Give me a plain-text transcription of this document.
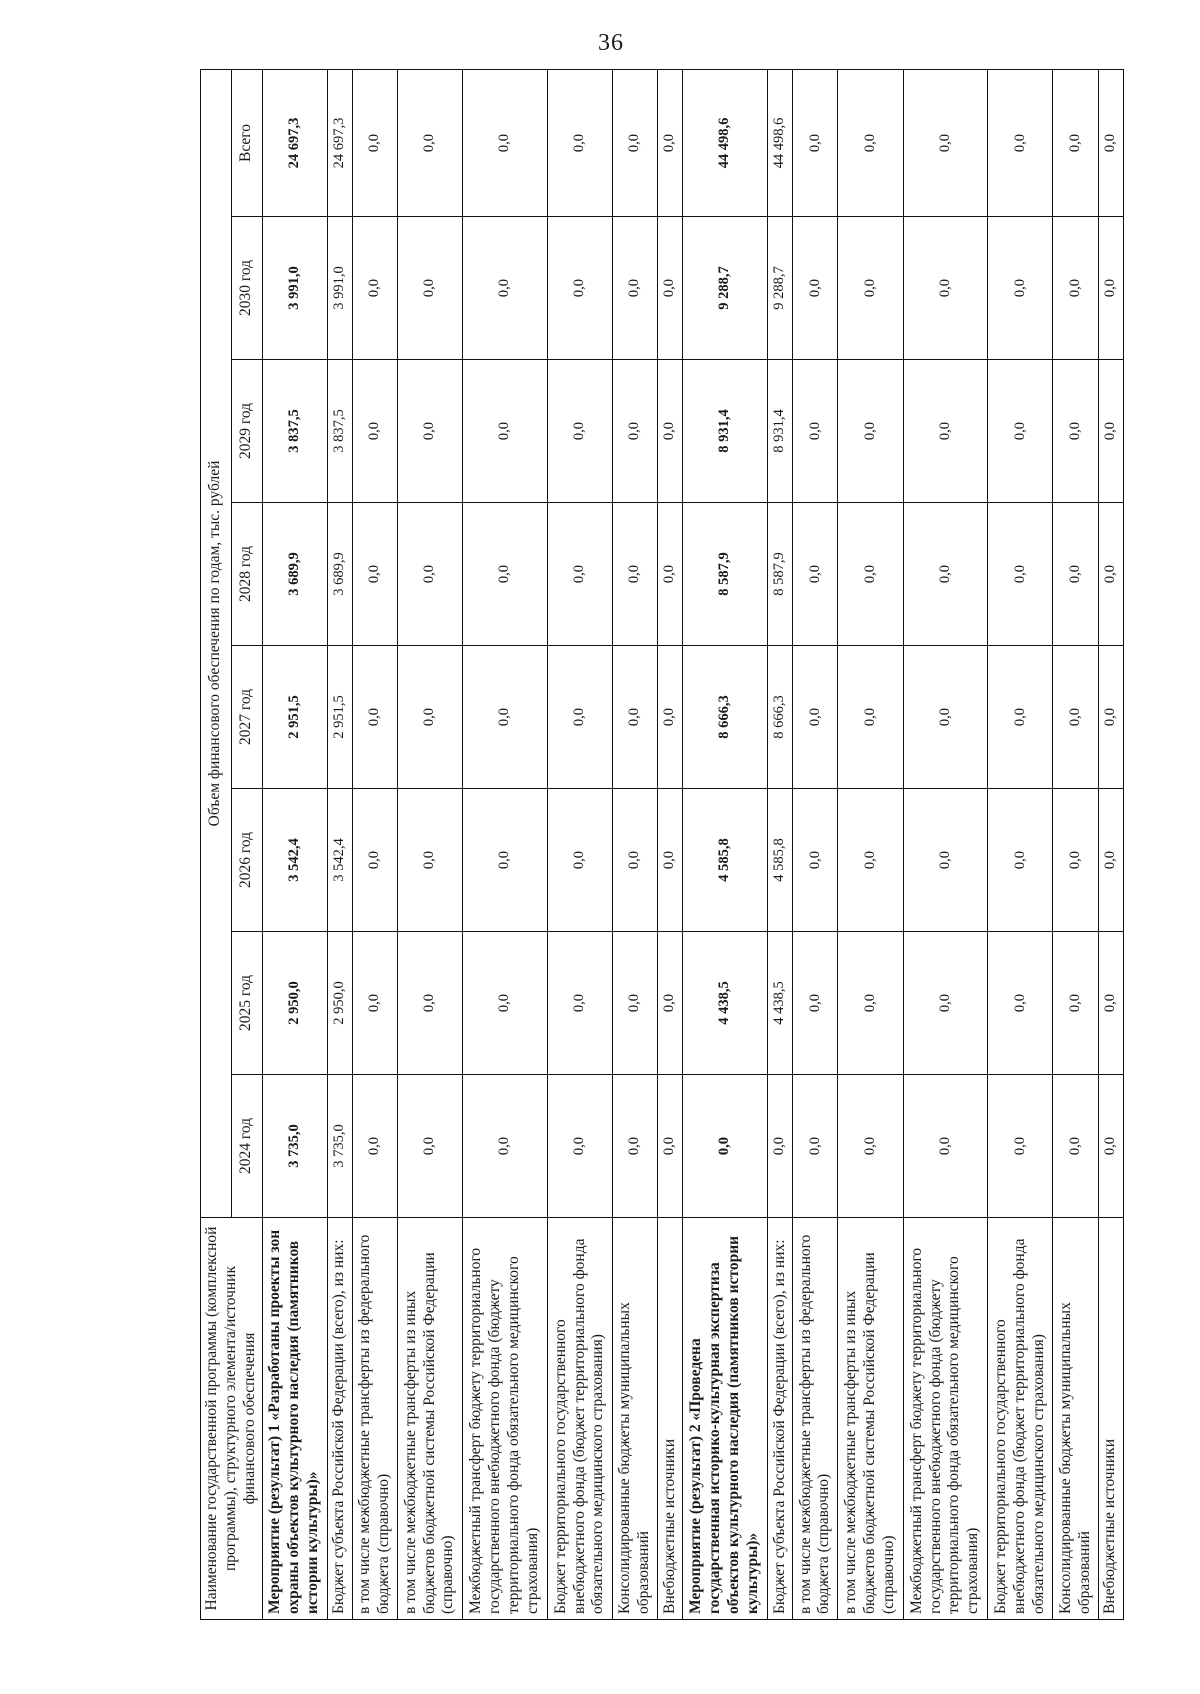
36
Наименование государственной программы (комплексной программы), структурного элемента/источник финансового обеспечения	Объем финансового обеспечения по годам, тыс. рублей							
	2024 год	2025 год	2026 год	2027 год	2028 год	2029 год	2030 год	Всего
Мероприятие (результат) 1 «Разработаны проекты зон охраны объектов культурного наследия (памятников истории культуры)»	3 735,0	2 950,0	3 542,4	2 951,5	3 689,9	3 837,5	3 991,0	24 697,3
Бюджет субъекта Российской Федерации (всего), из них:	3 735,0	2 950,0	3 542,4	2 951,5	3 689,9	3 837,5	3 991,0	24 697,3
в том числе межбюджетные трансферты из федерального бюджета (справочно)	0,0	0,0	0,0	0,0	0,0	0,0	0,0	0,0
в том числе межбюджетные трансферты из иных бюджетов бюджетной системы Российской Федерации (справочно)	0,0	0,0	0,0	0,0	0,0	0,0	0,0	0,0
Межбюджетный трансферт бюджету территориального государственного внебюджетного фонда (бюджету территориального фонда обязательного медицинского страхования)	0,0	0,0	0,0	0,0	0,0	0,0	0,0	0,0
Бюджет территориального государственного внебюджетного фонда (бюджет территориального фонда обязательного медицинского страхования)	0,0	0,0	0,0	0,0	0,0	0,0	0,0	0,0
Консолидированные бюджеты муниципальных образований	0,0	0,0	0,0	0,0	0,0	0,0	0,0	0,0
Внебюджетные источники	0,0	0,0	0,0	0,0	0,0	0,0	0,0	0,0
Мероприятие (результат) 2 «Проведена государственная историко-культурная экспертиза объектов культурного наследия (памятников истории культуры)»	0,0	4 438,5	4 585,8	8 666,3	8 587,9	8 931,4	9 288,7	44 498,6
Бюджет субъекта Российской Федерации (всего), из них:	0,0	4 438,5	4 585,8	8 666,3	8 587,9	8 931,4	9 288,7	44 498,6
в том числе межбюджетные трансферты из федерального бюджета (справочно)	0,0	0,0	0,0	0,0	0,0	0,0	0,0	0,0
в том числе межбюджетные трансферты из иных бюджетов бюджетной системы Российской Федерации (справочно)	0,0	0,0	0,0	0,0	0,0	0,0	0,0	0,0
Межбюджетный трансферт бюджету территориального государственного внебюджетного фонда (бюджету территориального фонда обязательного медицинского страхования)	0,0	0,0	0,0	0,0	0,0	0,0	0,0	0,0
Бюджет территориального государственного внебюджетного фонда (бюджет территориального фонда обязательного медицинского страхования)	0,0	0,0	0,0	0,0	0,0	0,0	0,0	0,0
Консолидированные бюджеты муниципальных образований	0,0	0,0	0,0	0,0	0,0	0,0	0,0	0,0
Внебюджетные источники	0,0	0,0	0,0	0,0	0,0	0,0	0,0	0,0
